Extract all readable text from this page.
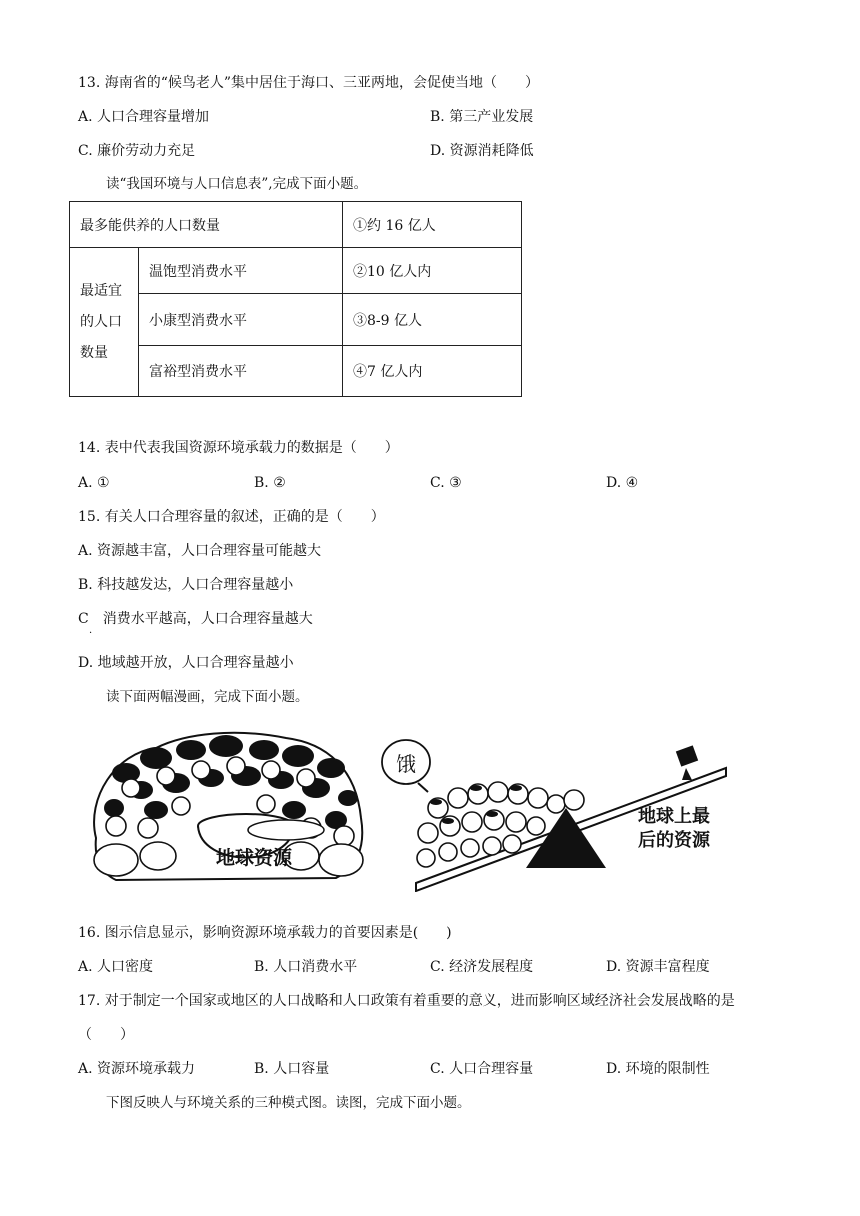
13. 海南省的“候鸟老人”集中居住于海口、三亚两地，会促使当地（　　）
A. 人口合理容量增加	B. 第三产业发展
C. 廉价劳动力充足	D. 资源消耗降低
读“我国环境与人口信息表”,完成下面小题。
最多能供养的人口数量		①约 16 亿人
最适宜
的人口
数量	温饱型消费水平	②10 亿人内
	小康型消费水平	③8-9 亿人
	富裕型消费水平	④7 亿人内
14. 表中代表我国资源环境承载力的数据是（　　）
A. ①	B. ②	C. ③	D. ④
15. 有关人口合理容量的叙述，正确的是（　　）
A. 资源越丰富，人口合理容量可能越大
B. 科技越发达，人口合理容量越小
C　消费水平越高，人口合理容量越大
·
D. 地域越开放，人口合理容量越小
读下面两幅漫画，完成下面小题。
地球资源
饿
地球上最
后的资源
16. 图示信息显示，影响资源环境承载力的首要因素是(　　)
A. 人口密度	B. 人口消费水平	C. 经济发展程度	D. 资源丰富程度
17. 对于制定一个国家或地区的人口战略和人口政策有着重要的意义，进而影响区域经济社会发展战略的是
（　　）
A. 资源环境承载力	B. 人口容量	C. 人口合理容量	D. 环境的限制性
下图反映人与环境关系的三种模式图。读图，完成下面小题。
